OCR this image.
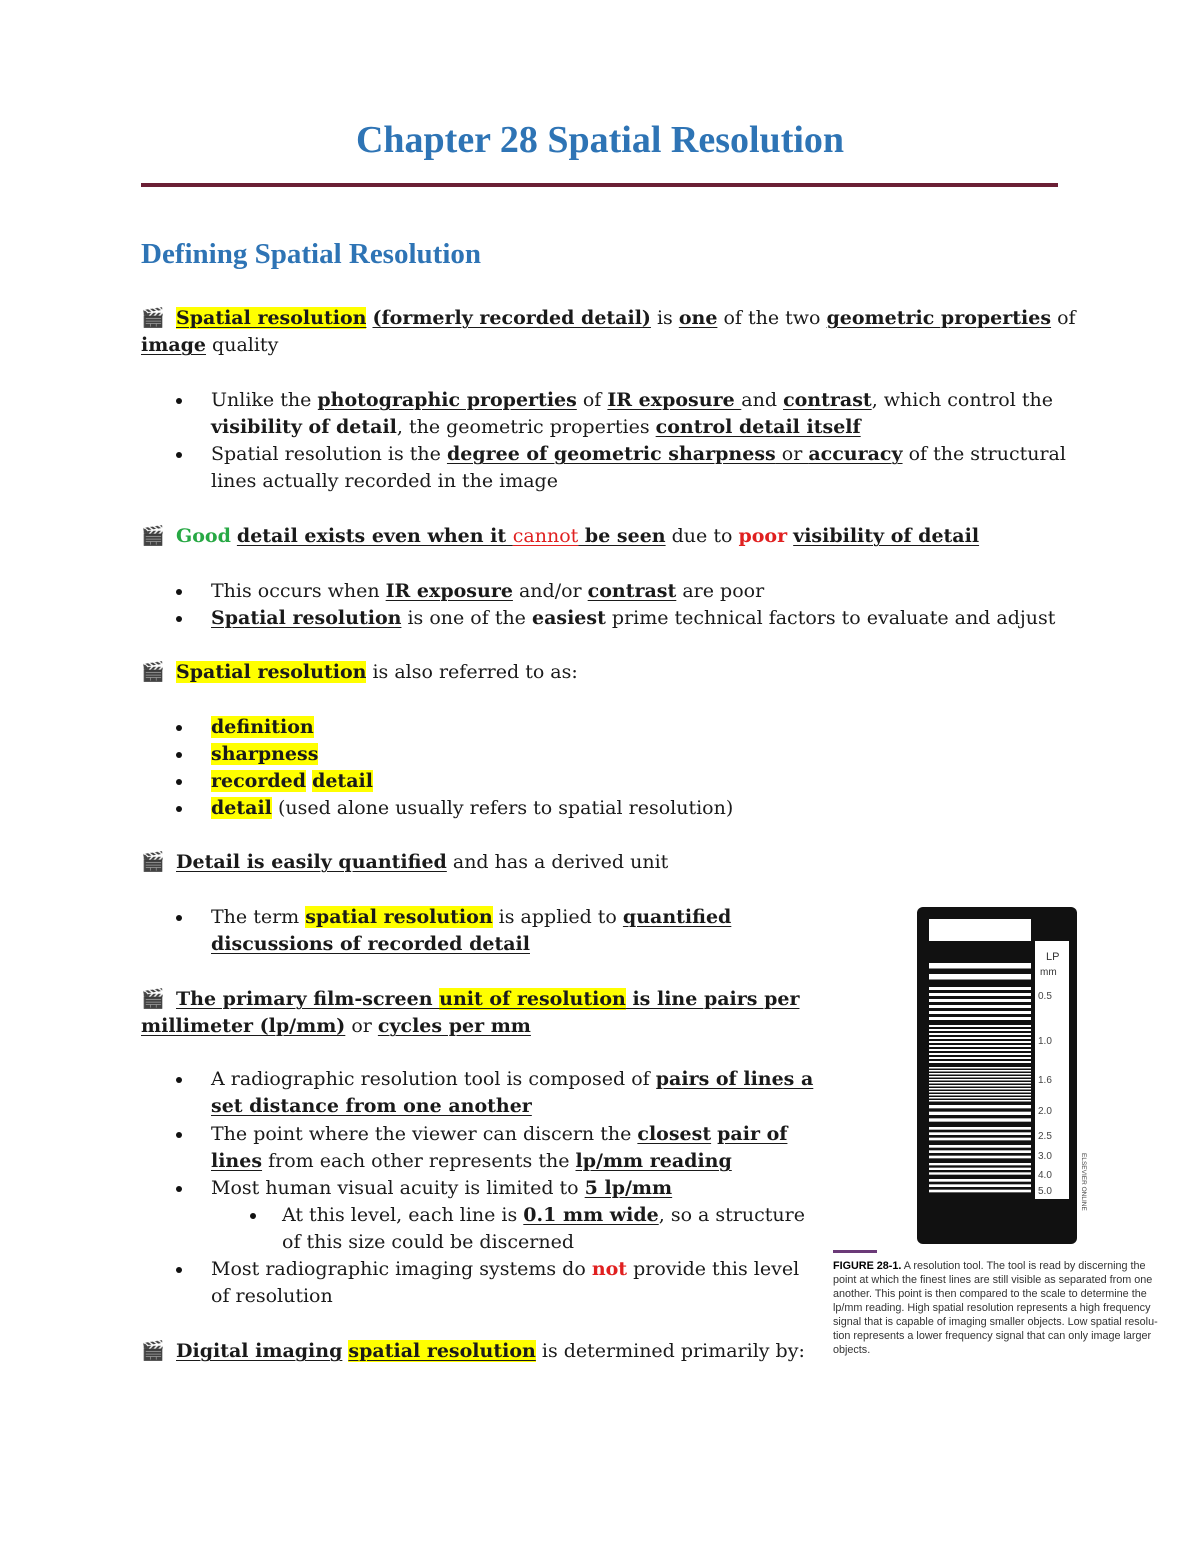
Chapter 28 Spatial Resolution
Defining Spatial Resolution

🎬 Spatial resolution (formerly recorded detail) is one of the two geometric properties of

image quality

Unlike the photographic properties of IR exposure and contrast, which control the

visibility of detail, the geometric properties control detail itself

Spatial resolution is the degree of geometric sharpness or accuracy of the structural

lines actually recorded in the image

🎬 Good detail exists even when it cannot be seen due to poor visibility of detail

This occurs when IR exposure and/or contrast are poor

Spatial resolution is one of the easiest prime technical factors to evaluate and adjust

🎬 Spatial resolution is also referred to as:

definition

sharpness

recorded detail

detail (used alone usually refers to spatial resolution)

🎬 Detail is easily quantified and has a derived unit

The term spatial resolution is applied to quantified

discussions of recorded detail

🎬 The primary film-screen unit of resolution is line pairs per

millimeter (lp/mm) or cycles per mm

A radiographic resolution tool is composed of pairs of lines a

set distance from one another

The point where the viewer can discern the closest pair of

lines from each other represents the lp/mm reading

Most human visual acuity is limited to 5 lp/mm

At this level, each line is 0.1 mm wide, so a structure

of this size could be discerned

Most radiographic imaging systems do not provide this level

of resolution

🎬 Digital imaging spatial resolution is determined primarily by:

LP
mm
0.5
1.0
1.6
2.0
2.5
3.0
4.0
5.0	ELSEVIER ONLINE
FIGURE 28-1. A resolution tool. The tool is read by discerning the
point at which the finest lines are still visible as separated from one
another. This point is then compared to the scale to determine the
lp/mm reading. High spatial resolution represents a high frequency
signal that is capable of imaging smaller objects. Low spatial resolu-
tion represents a lower frequency signal that can only image larger
objects.
